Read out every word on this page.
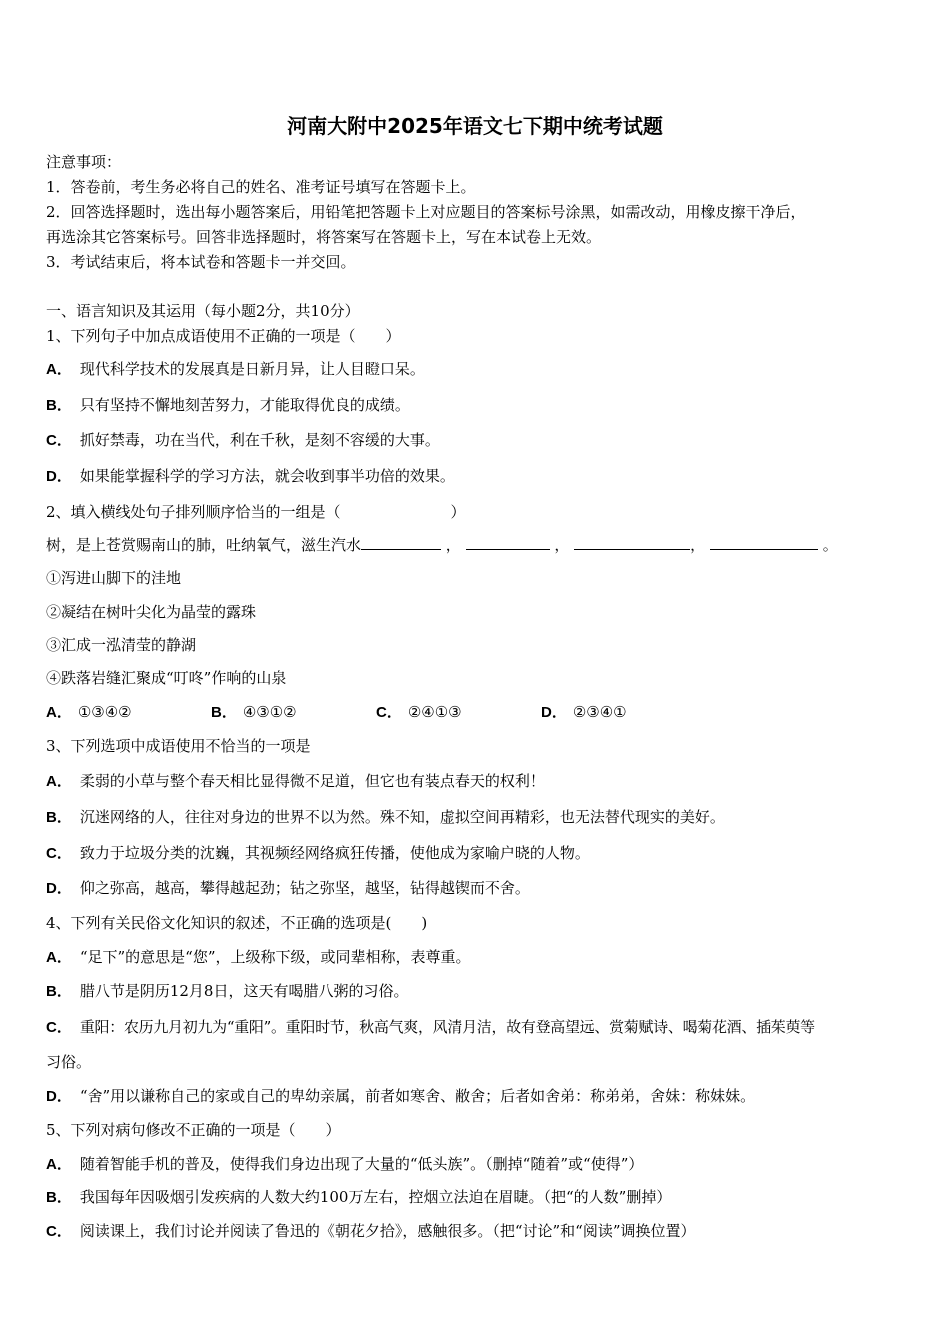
河南大附中2025年语文七下期中统考试题
注意事项：
1．答卷前，考生务必将自己的姓名、准考证号填写在答题卡上。
2．回答选择题时，选出每小题答案后，用铅笔把答题卡上对应题目的答案标号涂黑，如需改动，用橡皮擦干净后，
再选涂其它答案标号。回答非选择题时，将答案写在答题卡上，写在本试卷上无效。
3．考试结束后，将本试卷和答题卡一并交回。
一、语言知识及其运用（每小题2分，共10分）
1、下列句子中加点成语使用不正确的一项是（　　）
A． 现代科学技术的发展真是日新月异，让人目瞪口呆。
B． 只有坚持不懈地刻苦努力，才能取得优良的成绩。
C． 抓好禁毒，功在当代，利在千秋，是刻不容缓的大事。
D． 如果能掌握科学的学习方法，就会收到事半功倍的效果。
2、填入横线处句子排列顺序恰当的一组是（	）
树，是上苍赏赐南山的肺，吐纳氧气，滋生汽水	，	，	，	。
①泻进山脚下的洼地
②凝结在树叶尖化为晶莹的露珠
③汇成一泓清莹的静湖
④跌落岩缝汇聚成“叮咚”作响的山泉
A． ①③④②	B． ④③①②	C． ②④①③	D． ②③④①
3、下列选项中成语使用不恰当的一项是
A． 柔弱的小草与整个春天相比显得微不足道，但它也有装点春天的权利！
B． 沉迷网络的人，往往对身边的世界不以为然。殊不知，虚拟空间再精彩，也无法替代现实的美好。
C． 致力于垃圾分类的沈巍，其视频经网络疯狂传播，使他成为家喻户晓的人物。
D． 仰之弥高，越高，攀得越起劲；钻之弥坚，越坚，钻得越锲而不舍。
4、下列有关民俗文化知识的叙述，不正确的选项是(　　)
A． “足下”的意思是“您”，上级称下级，或同辈相称，表尊重。
B． 腊八节是阴历12月8日，这天有喝腊八粥的习俗。
C． 重阳：农历九月初九为“重阳”。重阳时节，秋高气爽，风清月洁，故有登高望远、赏菊赋诗、喝菊花酒、插茱萸等
习俗。
D． “舍”用以谦称自己的家或自己的卑幼亲属，前者如寒舍、敝舍；后者如舍弟：称弟弟，舍妹：称妹妹。
5、下列对病句修改不正确的一项是（　　）
A． 随着智能手机的普及，使得我们身边出现了大量的“低头族”。（删掉“随着”或“使得”）
B． 我国每年因吸烟引发疾病的人数大约100万左右，控烟立法迫在眉睫。（把“的人数”删掉）
C． 阅读课上，我们讨论并阅读了鲁迅的《朝花夕拾》，感触很多。（把“讨论”和“阅读”调换位置）
